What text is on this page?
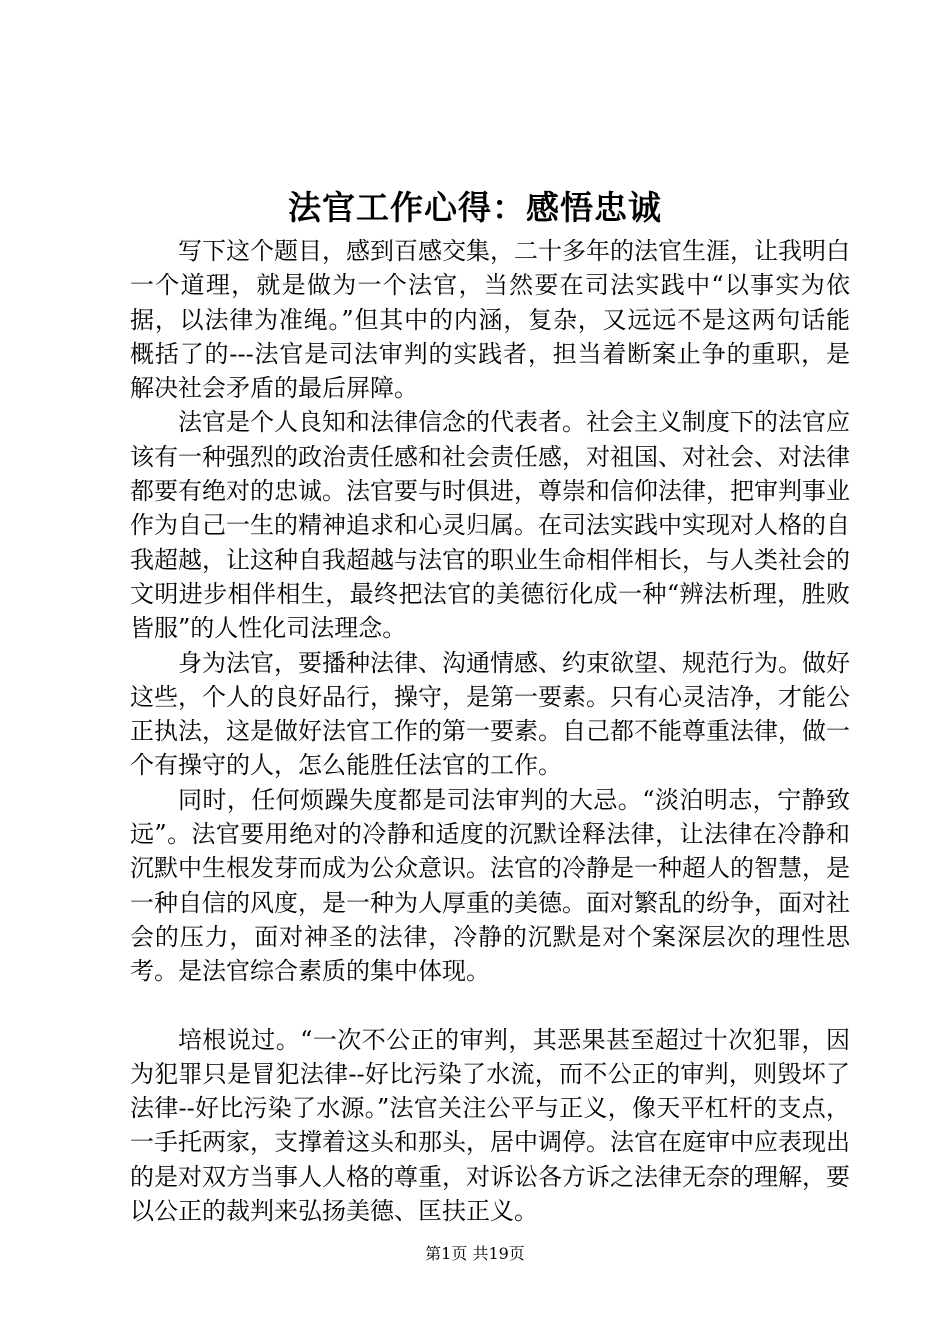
法官工作心得：感悟忠诚

写下这个题目，感到百感交集，二十多年的法官生涯，让我明白一个道理，就是做为一个法官，当然要在司法实践中“以事实为依据，以法律为准绳。”但其中的内涵，复杂，又远远不是这两句话能概括了的---法官是司法审判的实践者，担当着断案止争的重职，是解决社会矛盾的最后屏障。

法官是个人良知和法律信念的代表者。社会主义制度下的法官应该有一种强烈的政治责任感和社会责任感，对祖国、对社会、对法律都要有绝对的忠诚。法官要与时俱进，尊崇和信仰法律，把审判事业作为自己一生的精神追求和心灵归属。在司法实践中实现对人格的自我超越，让这种自我超越与法官的职业生命相伴相长，与人类社会的文明进步相伴相生，最终把法官的美德衍化成一种“辨法析理，胜败皆服”的人性化司法理念。

身为法官，要播种法律、沟通情感、约束欲望、规范行为。做好这些，个人的良好品行，操守，是第一要素。只有心灵洁净，才能公正执法，这是做好法官工作的第一要素。自己都不能尊重法律，做一个有操守的人，怎么能胜任法官的工作。

同时，任何烦躁失度都是司法审判的大忌。“淡泊明志，宁静致远”。法官要用绝对的冷静和适度的沉默诠释法律，让法律在冷静和沉默中生根发芽而成为公众意识。法官的冷静是一种超人的智慧，是一种自信的风度，是一种为人厚重的美德。面对繁乱的纷争，面对社会的压力，面对神圣的法律，冷静的沉默是对个案深层次的理性思考。是法官综合素质的集中体现。

培根说过。“一次不公正的审判，其恶果甚至超过十次犯罪，因为犯罪只是冒犯法律--好比污染了水流，而不公正的审判，则毁坏了法律--好比污染了水源。”法官关注公平与正义，像天平杠杆的支点，一手托两家，支撑着这头和那头，居中调停。法官在庭审中应表现出的是对双方当事人人格的尊重，对诉讼各方诉之法律无奈的理解，要以公正的裁判来弘扬美德、匡扶正义。

第1页 共19页
